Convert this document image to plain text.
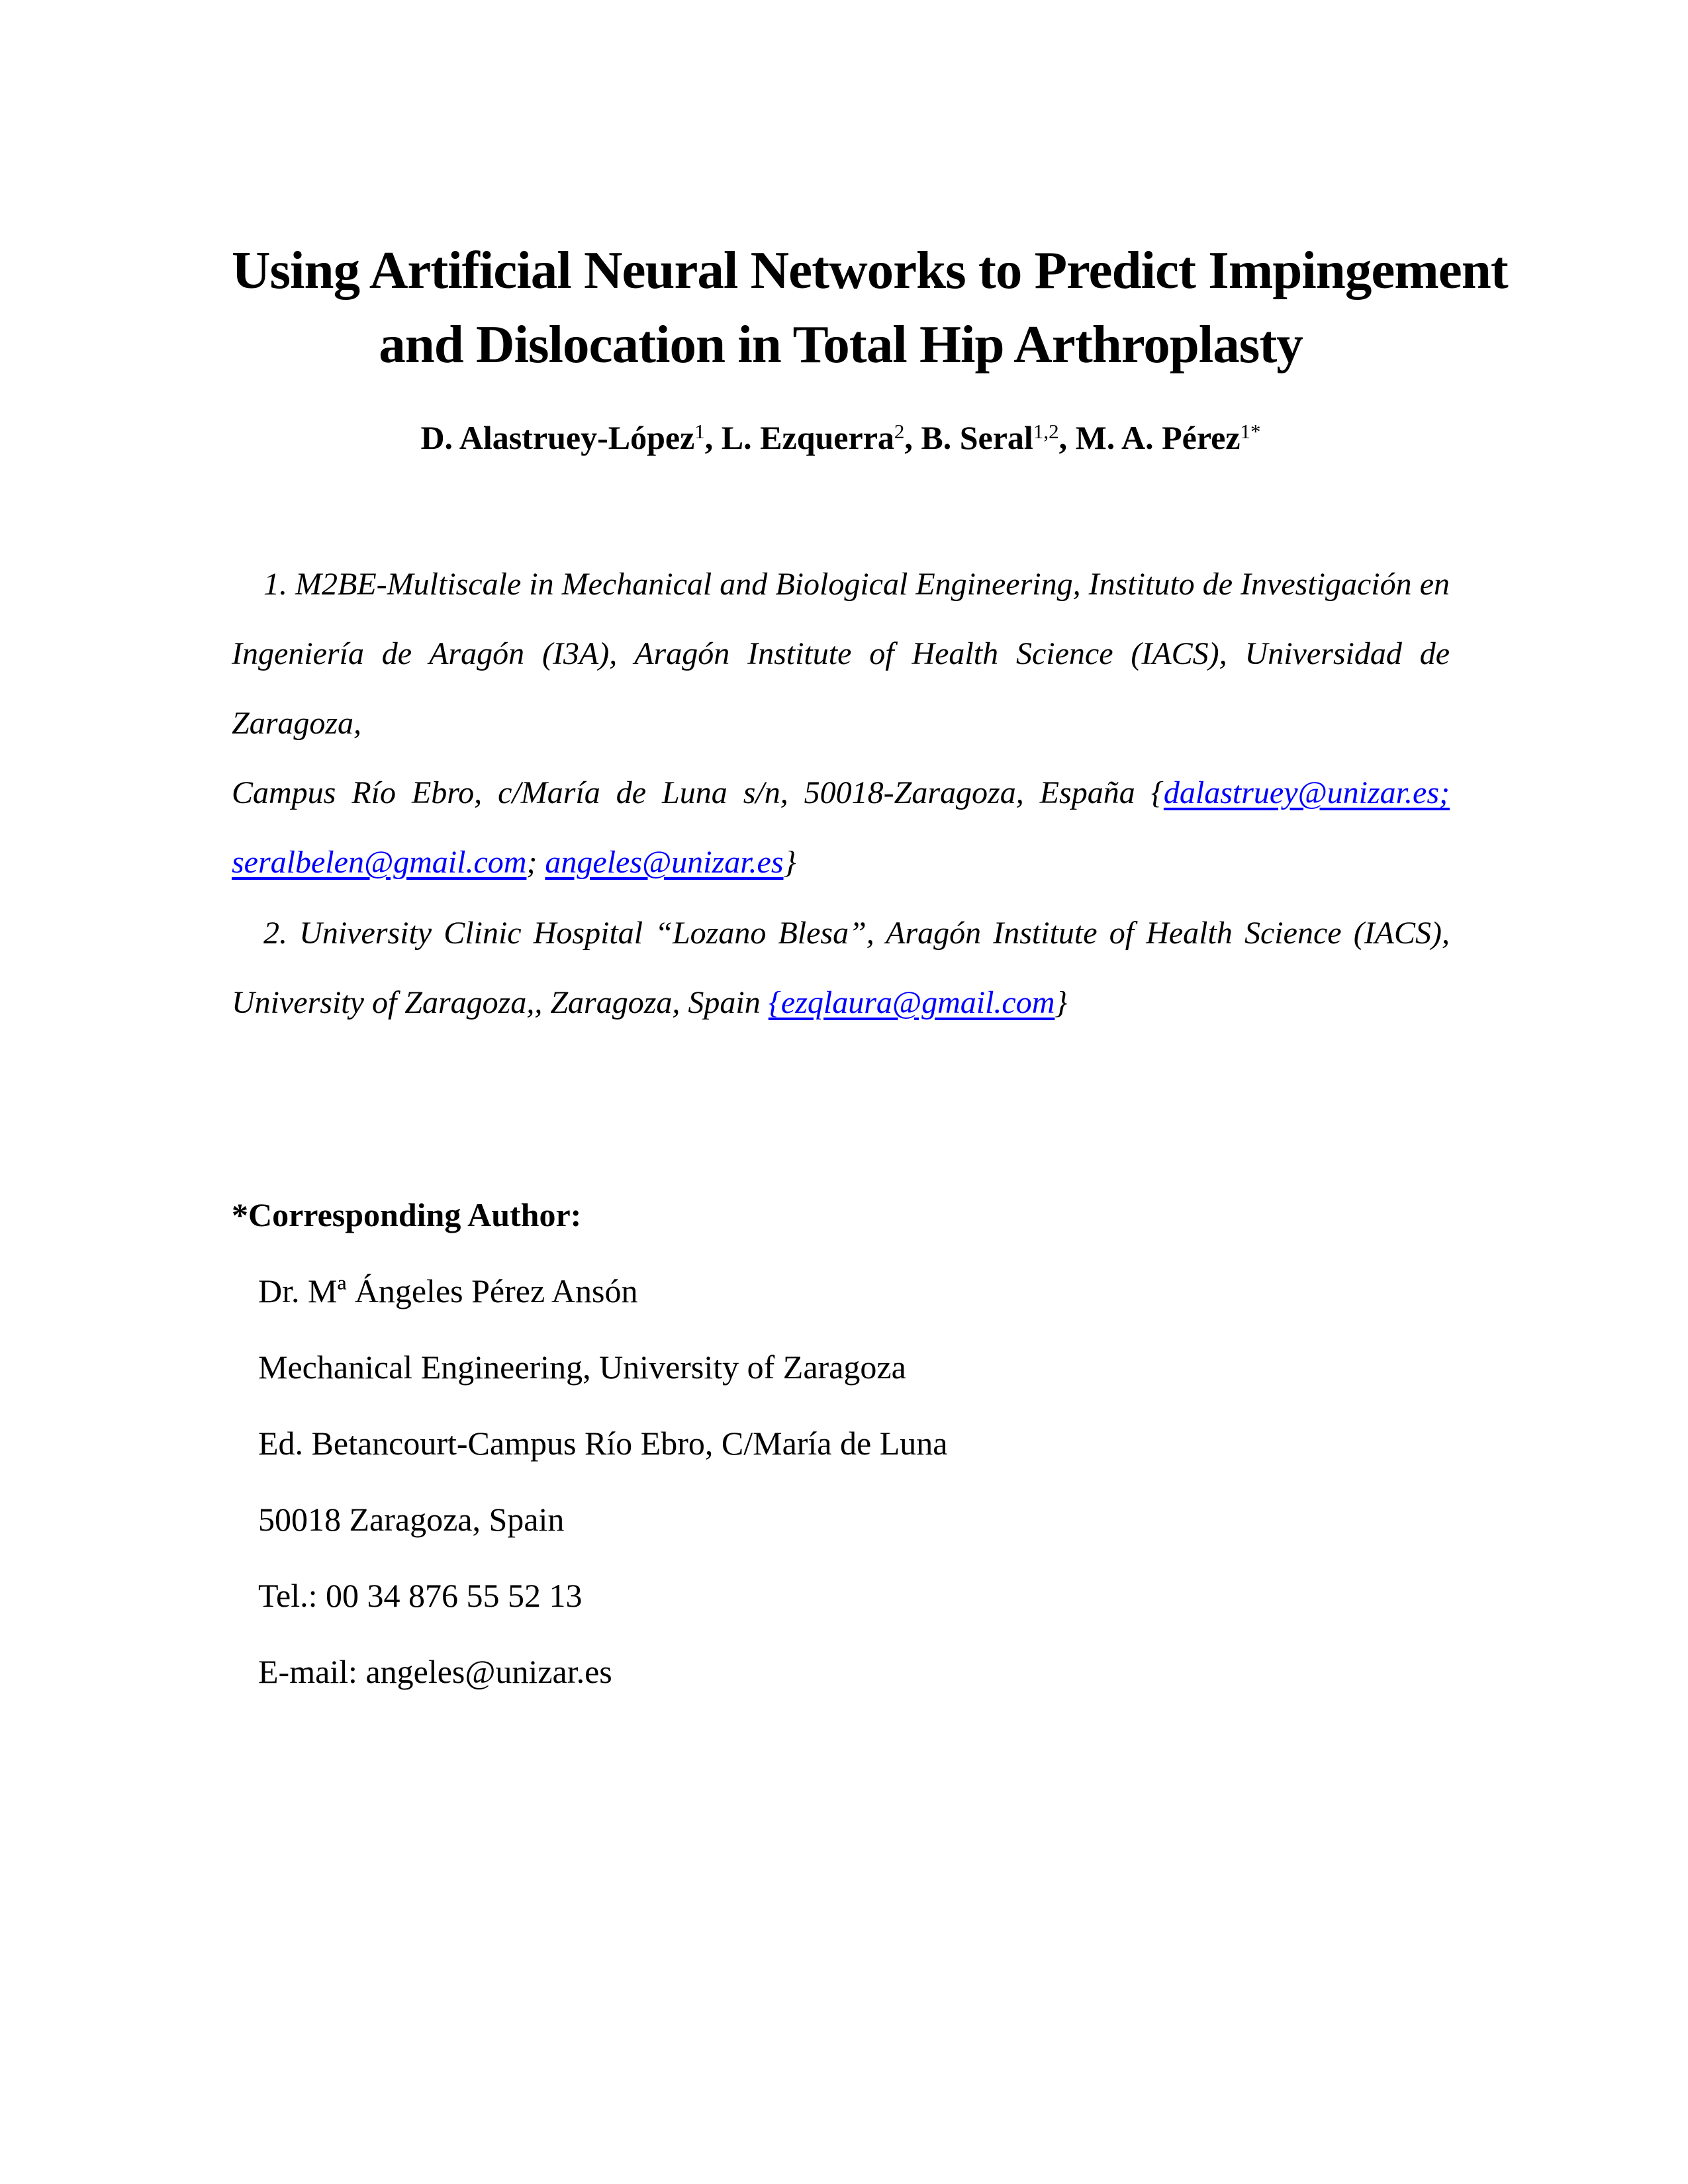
Using Artificial Neural Networks to Predict Impingement
and Dislocation in Total Hip Arthroplasty
D. Alastruey-López$^1$, L. Ezquerra$^2$, B. Seral$^{1,2}$, M. A. Pérez$^{1*}$
1. M2BE-Multiscale in Mechanical and Biological Engineering, Instituto de Investigación en
Ingeniería de Aragón (I3A), Aragón Institute of Health Science (IACS), Universidad de Zaragoza,
Campus Río Ebro, c/María de Luna s/n, 50018-Zaragoza, España {dalastruey@unizar.es;
seralbelen@gmail.com; angeles@unizar.es}
2. University Clinic Hospital “Lozano Blesa”, Aragón Institute of Health Science (IACS),
University of Zaragoza,, Zaragoza, Spain {ezqlaura@gmail.com}
*Corresponding Author:
Dr. Mª Ángeles Pérez Ansón
Mechanical Engineering, University of Zaragoza
Ed. Betancourt-Campus Río Ebro, C/María de Luna
50018 Zaragoza, Spain
Tel.: 00 34 876 55 52 13
E-mail: angeles@unizar.es
